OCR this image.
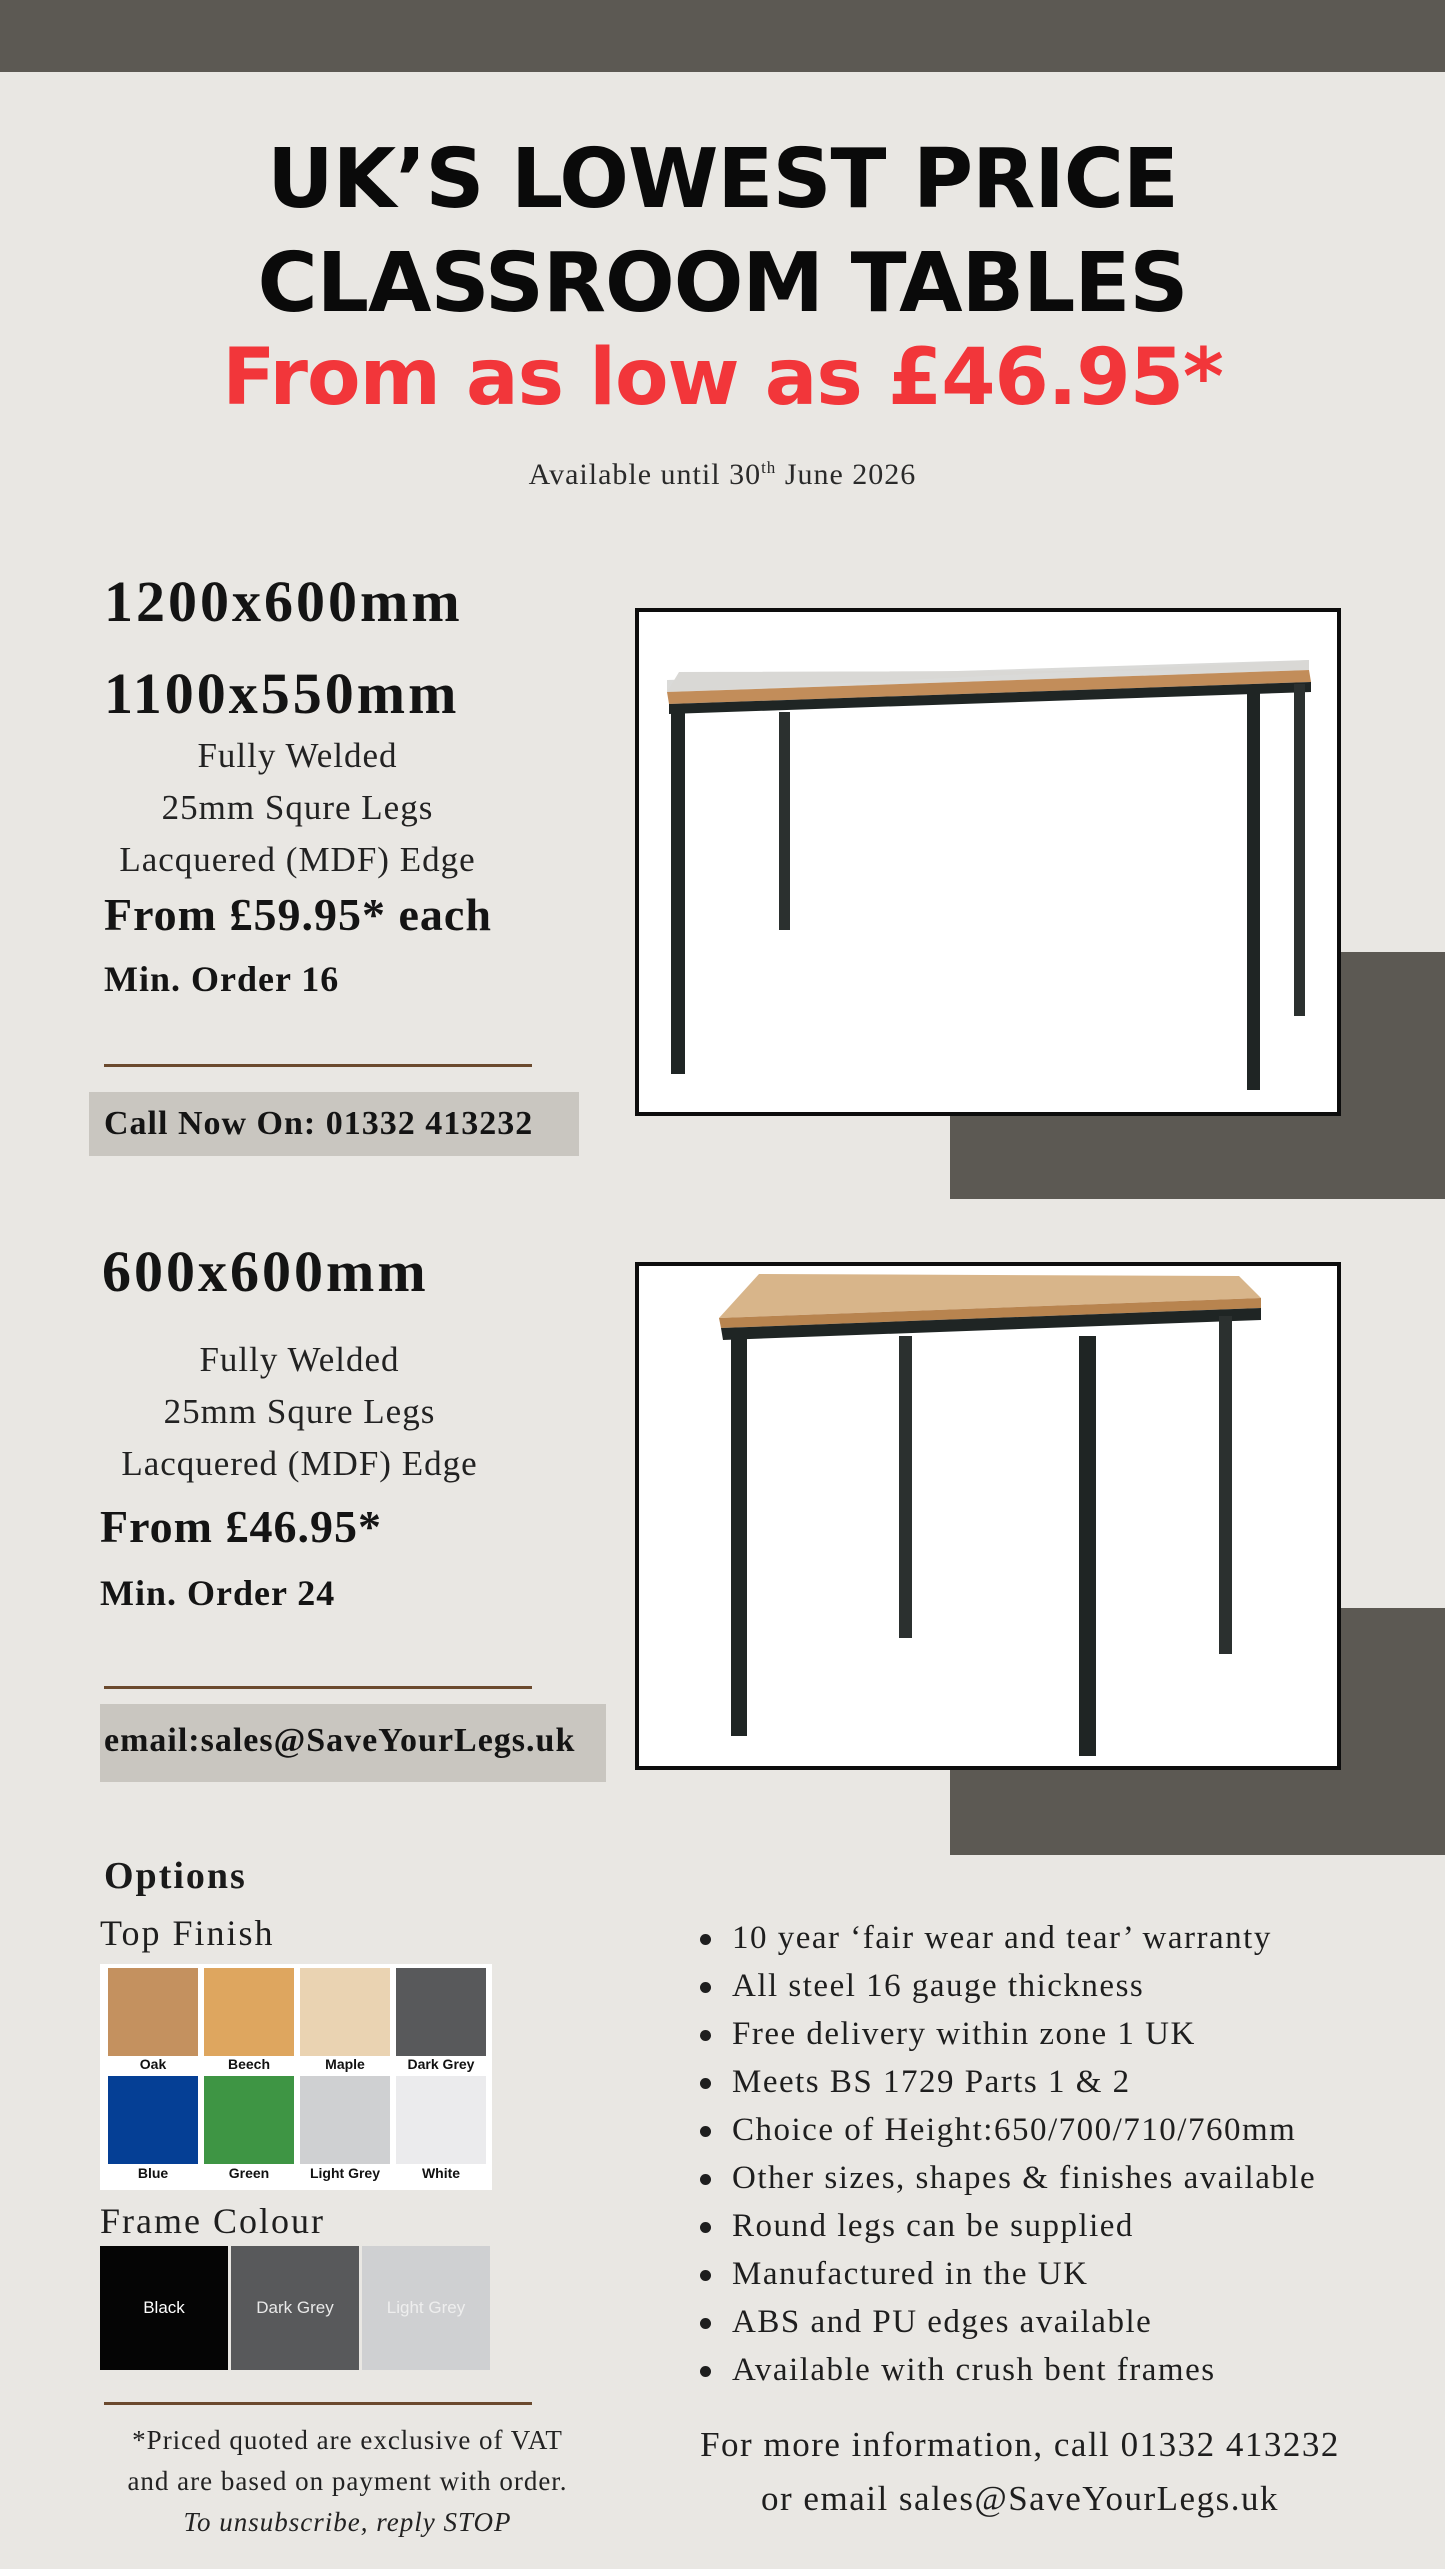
UK’S LOWEST PRICE CLASSROOM TABLES
From as low as £46.95*
Available until 30th June 2026
1200x600mm
1100x550mm
Fully Welded
25mm Squre Legs
Lacquered (MDF) Edge
From £59.95* each
Min. Order 16
Call Now On: 01332 413232
600x600mm
Fully Welded
25mm Squre Legs
Lacquered (MDF) Edge
From £46.95*
Min. Order 24
email:sales@SaveYourLegs.uk
Options
Top Finish
Oak	Beech	Maple	Dark Grey
Blue	Green	Light Grey	White
Frame Colour
Black	Dark Grey	Light Grey
*Priced quoted are exclusive of VAT
and are based on payment with order.
To unsubscribe, reply STOP
10 year ‘fair wear and tear’ warranty
All steel 16 gauge thickness
Free delivery within zone 1 UK
Meets BS 1729 Parts 1 & 2
Choice of Height:650/700/710/760mm
Other sizes, shapes & finishes available
Round legs can be supplied
Manufactured in the UK
ABS and PU edges available
Available with crush bent frames
For more information, call 01332 413232
or email sales@SaveYourLegs.uk
